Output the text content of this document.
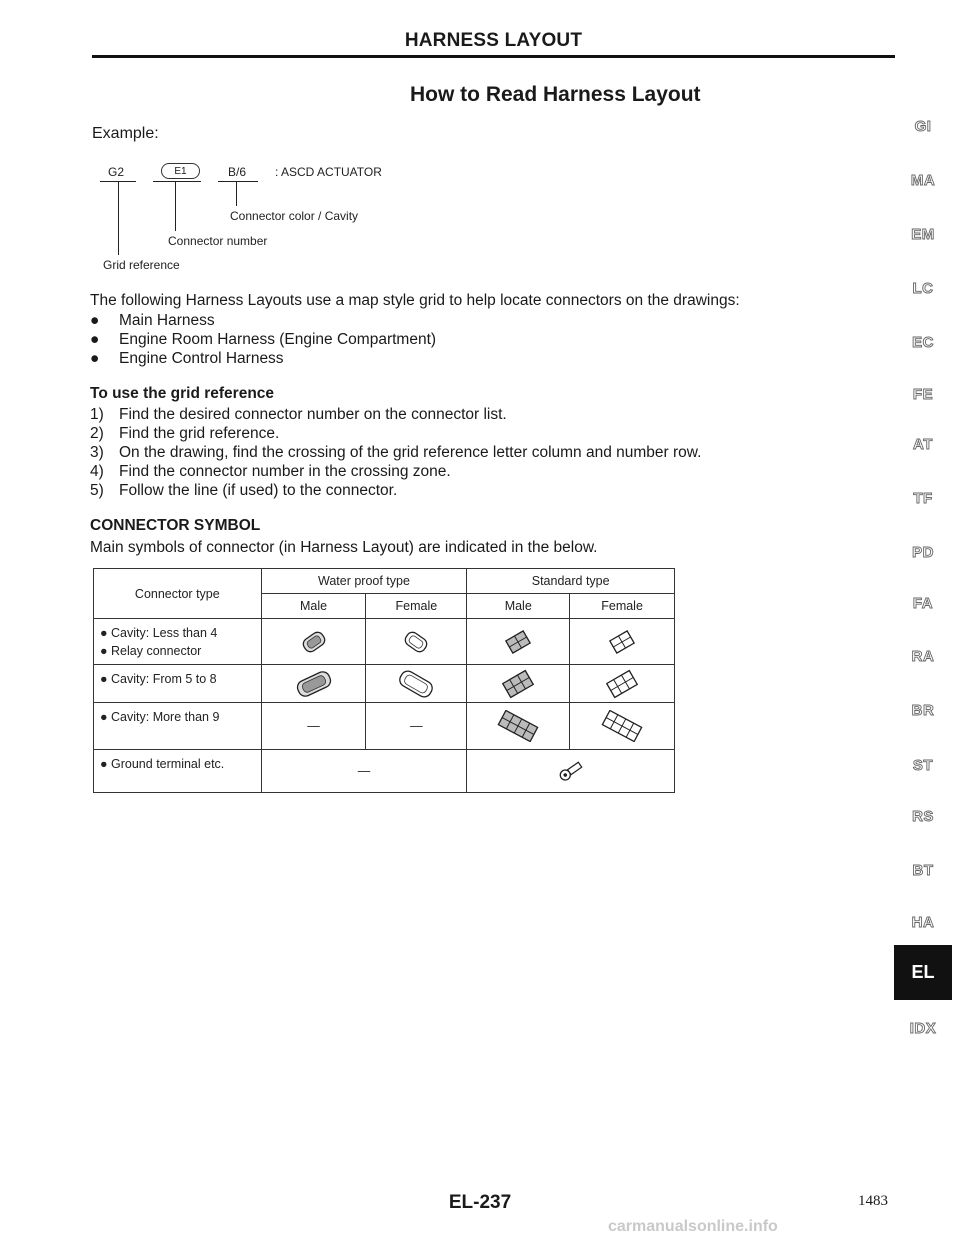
HARNESS LAYOUT
How to Read Harness Layout
Example:
G2	E1	B/6 : ASCD ACTUATOR
Connector color / Cavity
Connector number
Grid reference
The following Harness Layouts use a map style grid to help locate connectors on the drawings:
● Main Harness
● Engine Room Harness (Engine Compartment)
● Engine Control Harness
To use the grid reference
1) Find the desired connector number on the connector list.
2) Find the grid reference.
3) On the drawing, find the crossing of the grid reference letter column and number row.
4) Find the connector number in the crossing zone.
5) Follow the line (if used) to the connector.
CONNECTOR SYMBOL
Main symbols of connector (in Harness Layout) are indicated in the below.
Connector type	Water proof type		Standard type	
	Male	Female	Male	Female

● Cavity: Less than 4
● Relay connector

● Cavity: From 5 to 8

● Cavity: More than 9	—	—		

● Ground terminal etc.	—	
GI
MA
EM
LC
EC
FE
AT
TF
PD
FA
RA
BR
ST
RS
BT
HA
IDX
EL
EL-237	1483
carmanualsonline.info
